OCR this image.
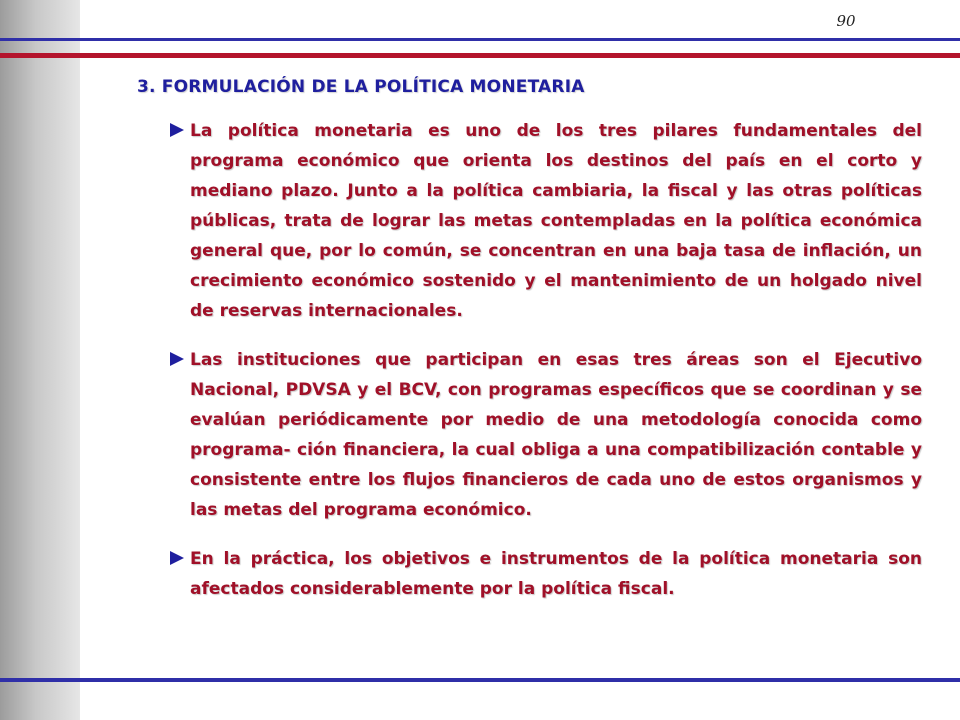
90
3. FORMULACIÓN DE LA POLÍTICA MONETARIA
La política monetaria es uno de los tres pilares fundamentales del programa económico que orienta los destinos del país en el corto y mediano plazo. Junto a la política cambiaria, la fiscal y las otras políticas públicas, trata de lograr las metas contempladas en la política económica general que, por lo común, se concentran en una baja tasa de inflación, un crecimiento económico sostenido y el mantenimiento de un holgado nivel de reservas internacionales.
Las instituciones que participan en esas tres áreas son el Ejecutivo Nacional, PDVSA y el BCV, con programas específicos que se coordinan y se evalúan periódicamente por medio de una metodología conocida como programa- ción financiera, la cual obliga a una compatibilización contable y consistente entre los flujos financieros de cada uno de estos organismos y las metas del programa económico.
En la práctica, los objetivos e instrumentos de la política monetaria son afectados considerablemente por la política fiscal.
